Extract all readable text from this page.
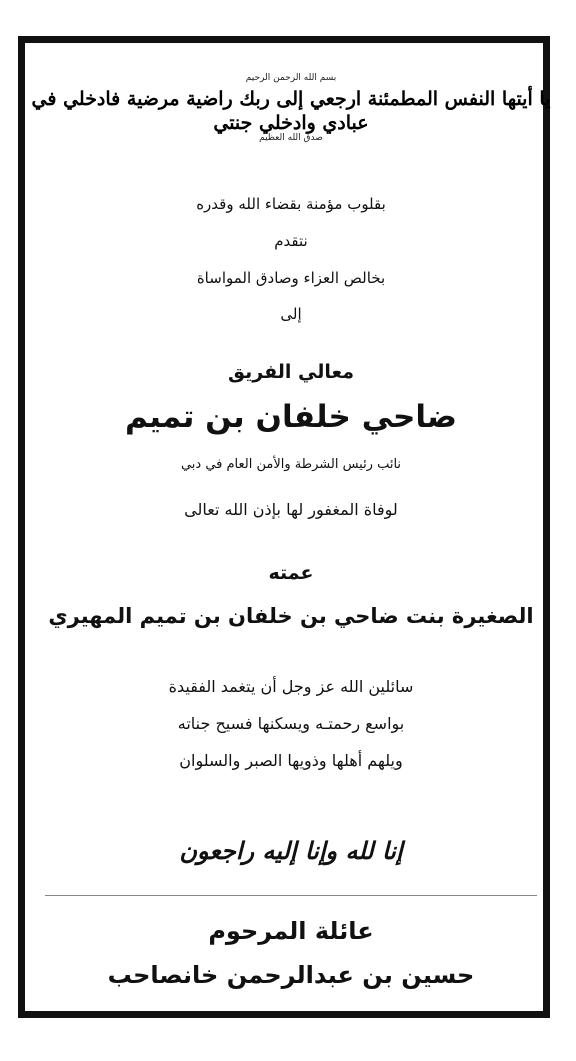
بسم الله الرحمن الرحيم
يا أيتها النفس المطمئنة ارجعي إلى ربك راضية مرضية فادخلي في عبادي وادخلي جنتي
صدق الله العظيم
بقلوب مؤمنة بقضاء الله وقدره
نتقدم
بخالص العزاء وصادق المواساة
إلى
معالي الفريق
ضاحي خلفان بن تميم
نائب رئيس الشرطة والأمن العام في دبي
لوفاة المغفور لها بإذن الله تعالى
عمته
الصغيرة بنت ضاحي بن خلفان بن تميم المهيري
سائلين الله عز وجل أن يتغمد الفقيدة
بواسع رحمتـه ويسكنها فسيح جناته
ويلهم أهلها وذويها الصبر والسلوان
إنا لله وإنا إليه راجعون
عائلة المرحوم
حسين بن عبدالرحمن خانصاحب
